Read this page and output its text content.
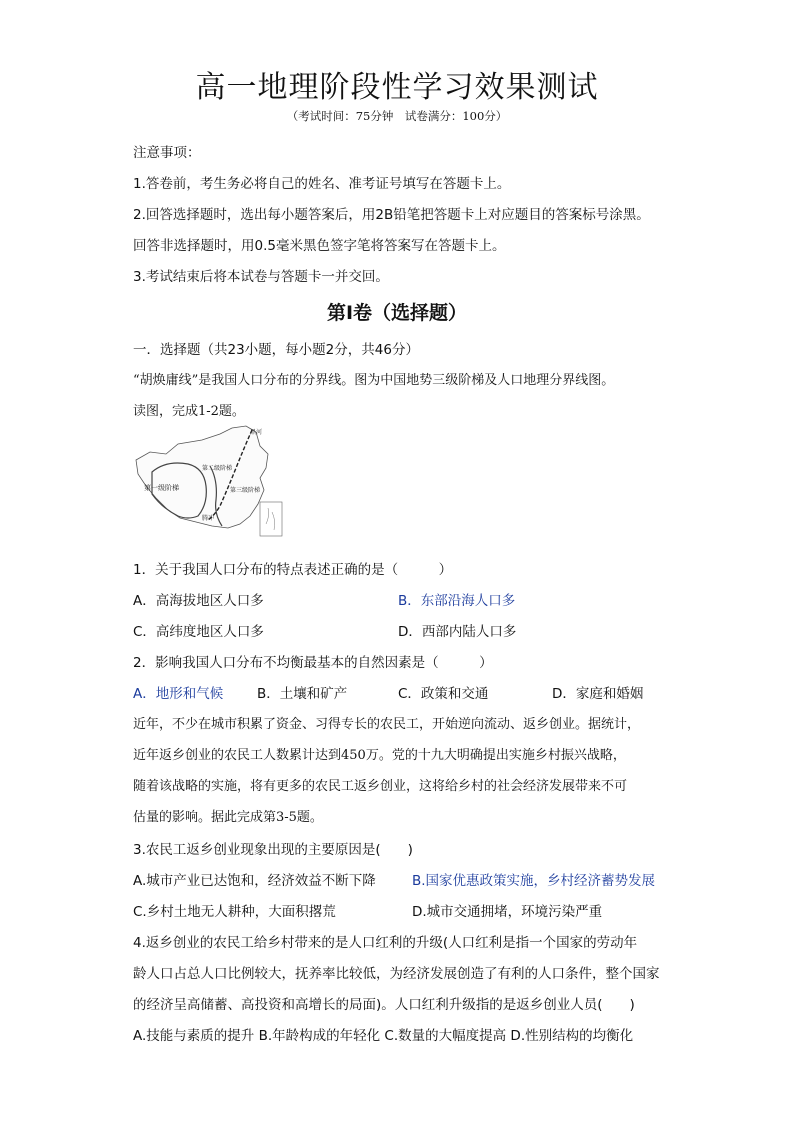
高一地理阶段性学习效果测试
（考试时间：75分钟　试卷满分：100分）
注意事项：
1.答卷前，考生务必将自己的姓名、准考证号填写在答题卡上。
2.回答选择题时，选出每小题答案后，用2B铅笔把答题卡上对应题目的答案标号涂黑。
回答非选择题时，用0.5毫米黑色签字笔将答案写在答题卡上。
3.考试结束后将本试卷与答题卡一并交回。
第Ⅰ卷（选择题）
一．选择题（共23小题，每小题2分，共46分）
“胡焕庸线”是我国人口分布的分界线。图为中国地势三级阶梯及人口地理分界线图。
读图，完成1-2题。
黑河
第一级阶梯
腾冲
第二级阶梯
第三级阶梯
1．关于我国人口分布的特点表述正确的是（　　　）
A．高海拔地区人口多	B．东部沿海人口多
C．高纬度地区人口多	D．西部内陆人口多
2．影响我国人口分布不均衡最基本的自然因素是（　　　）
A．地形和气候	B．土壤和矿产	C．政策和交通	D．家庭和婚姻
近年，不少在城市积累了资金、习得专长的农民工，开始逆向流动、返乡创业。据统计，
近年返乡创业的农民工人数累计达到450万。党的十九大明确提出实施乡村振兴战略，
随着该战略的实施，将有更多的农民工返乡创业，这将给乡村的社会经济发展带来不可
估量的影响。据此完成第3-5题。
3.农民工返乡创业现象出现的主要原因是(　　)
A.城市产业已达饱和，经济效益不断下降	B.国家优惠政策实施，乡村经济蓄势发展
C.乡村土地无人耕种，大面积撂荒	D.城市交通拥堵，环境污染严重
4.返乡创业的农民工给乡村带来的是人口红利的升级(人口红利是指一个国家的劳动年
龄人口占总人口比例较大，抚养率比较低，为经济发展创造了有利的人口条件，整个国家
的经济呈高储蓄、高投资和高增长的局面)。人口红利升级指的是返乡创业人员(　　)
A.技能与素质的提升 B.年龄构成的年轻化 C.数量的大幅度提高 D.性别结构的均衡化
